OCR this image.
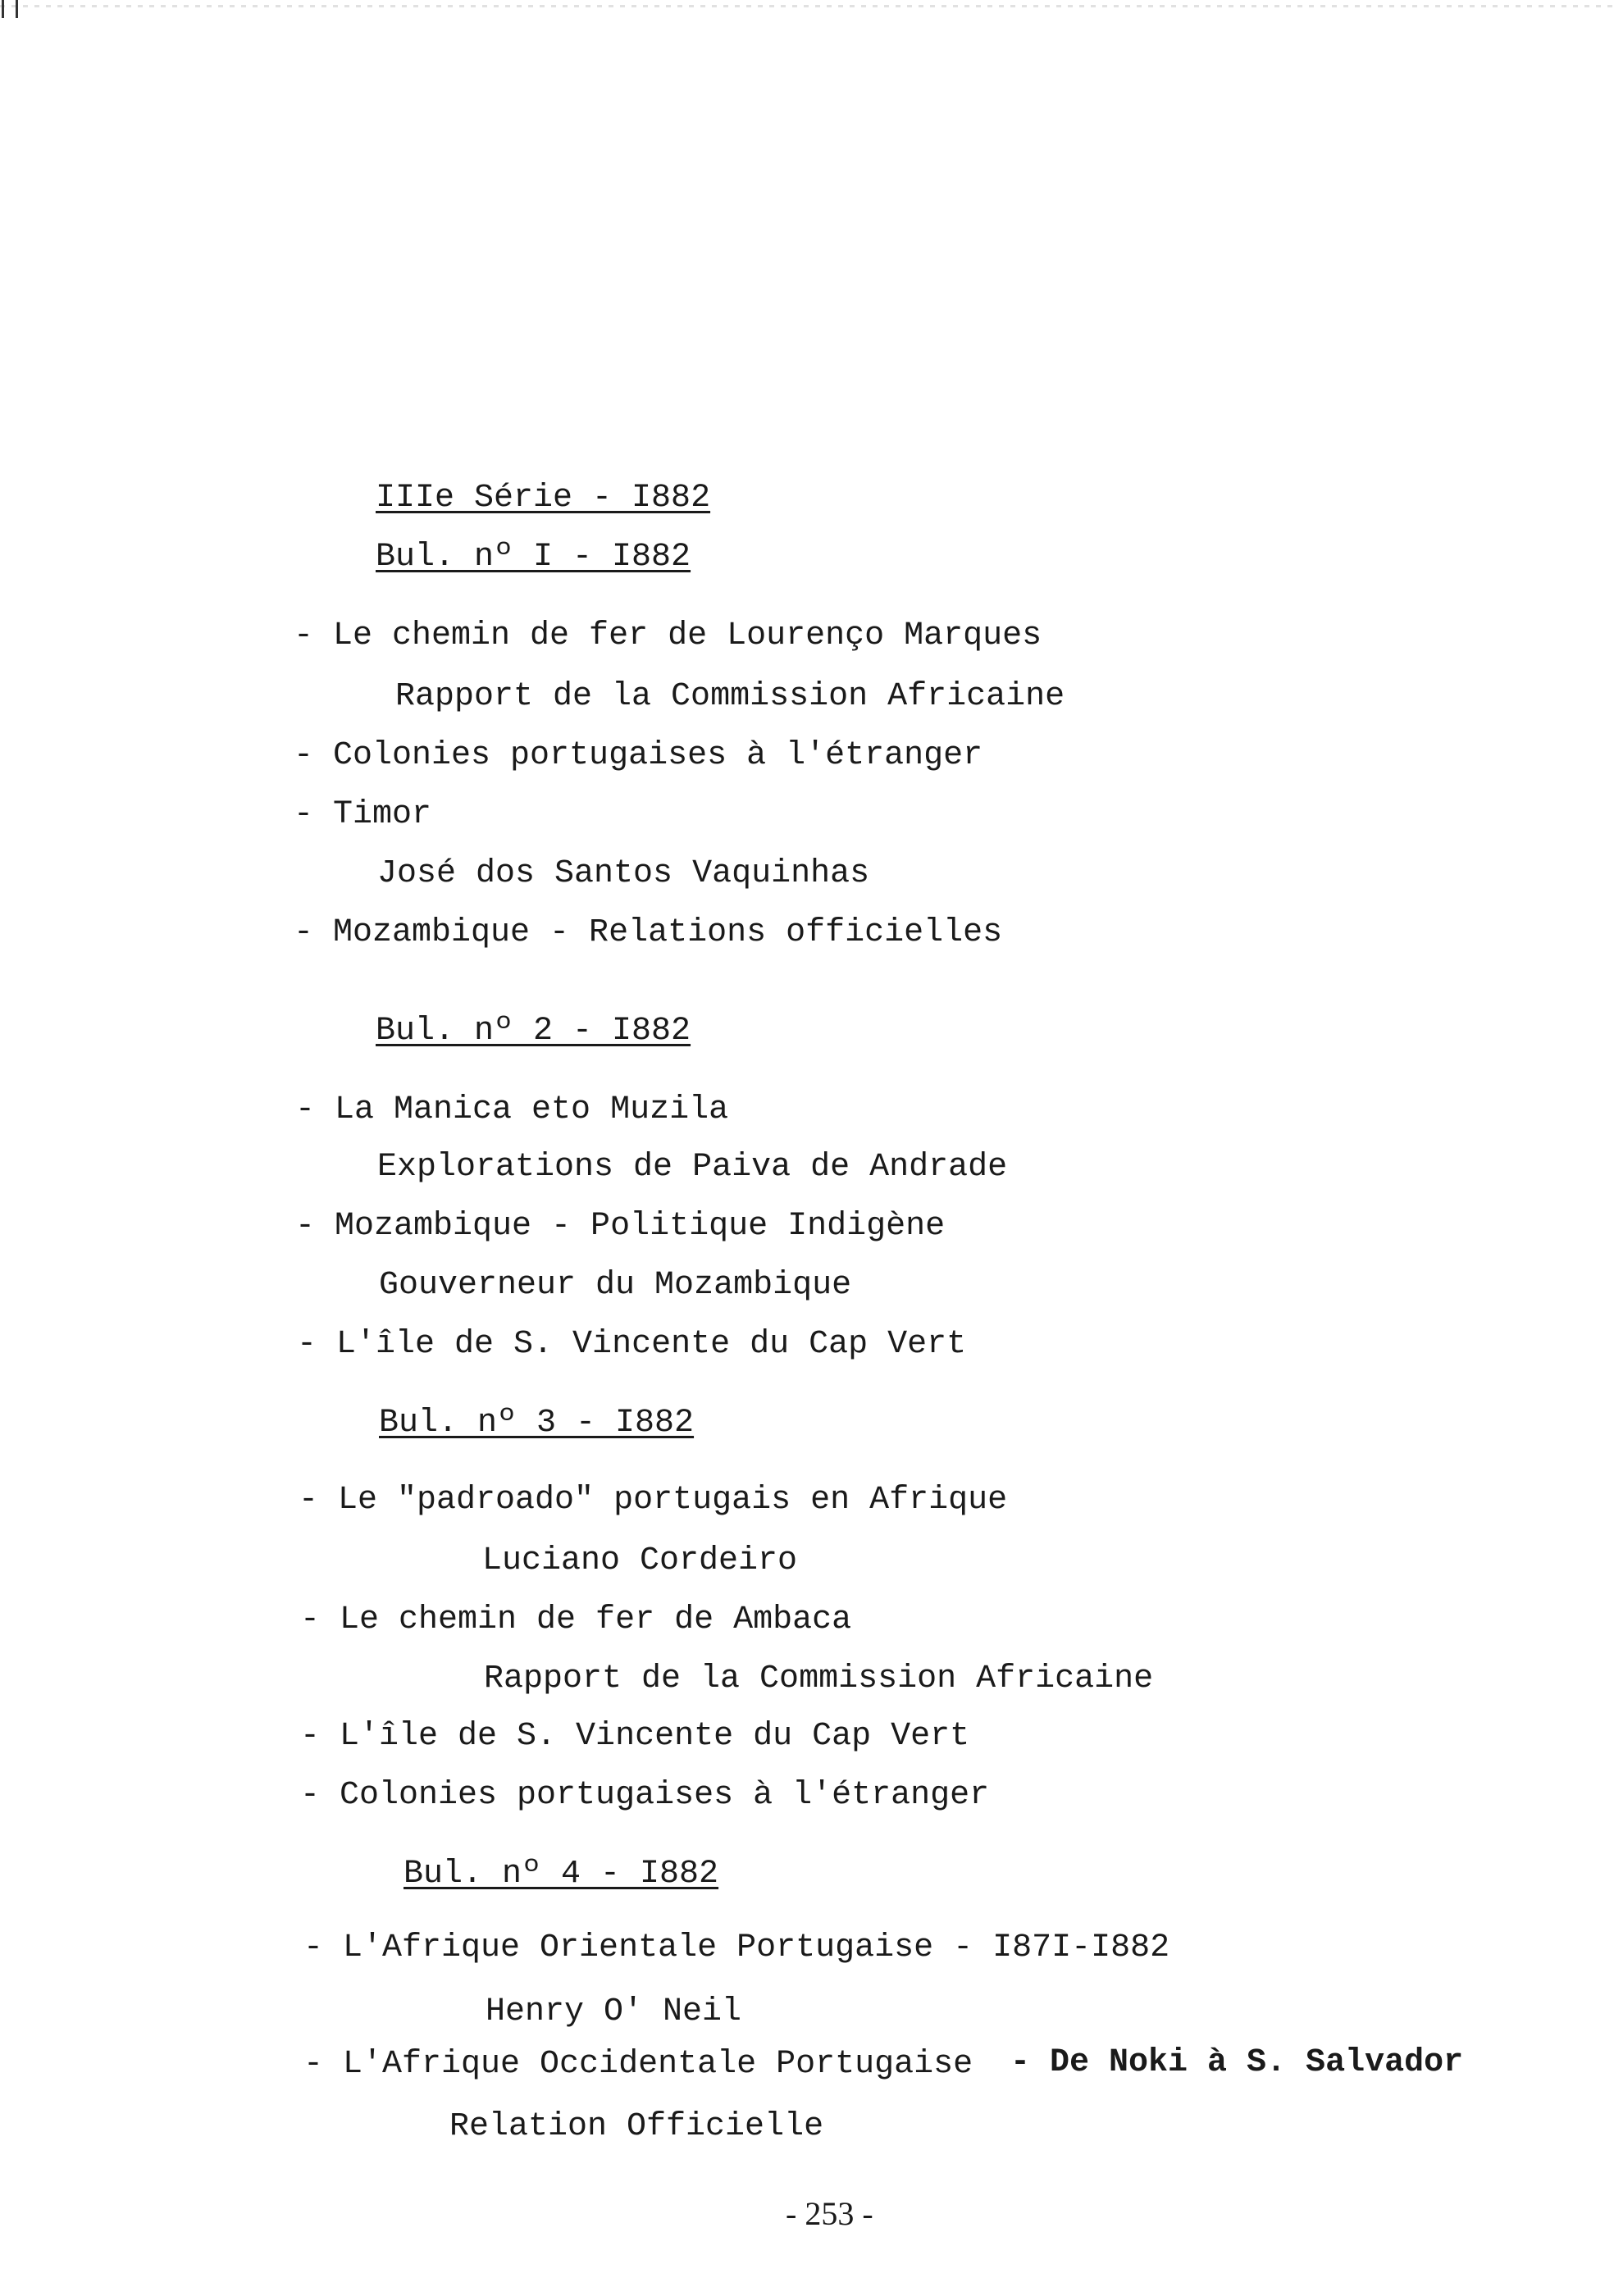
IIIe Série - I882
Bul. nº I - I882
- Le chemin de fer de Lourenço Marques
Rapport de la Commission Africaine
- Colonies portugaises à l'étranger
- Timor
José dos Santos Vaquinhas
- Mozambique - Relations officielles
Bul. nº 2 - I882
- La Manica eto Muzila
Explorations de Paiva de Andrade
- Mozambique - Politique Indigène
Gouverneur du Mozambique
- L'île de S. Vincente du Cap Vert
Bul. nº 3 - I882
- Le "padroado" portugais en Afrique
Luciano Cordeiro
- Le chemin de fer de Ambaca
Rapport de la Commission Africaine
- L'île de S. Vincente du Cap Vert
- Colonies portugaises à l'étranger
Bul. nº 4 - I882
- L'Afrique Orientale Portugaise - I87I-I882
Henry O' Neil
- L'Afrique Occidentale Portugaise - De Noki à S. Salvador
Relation Officielle
- 253 -
